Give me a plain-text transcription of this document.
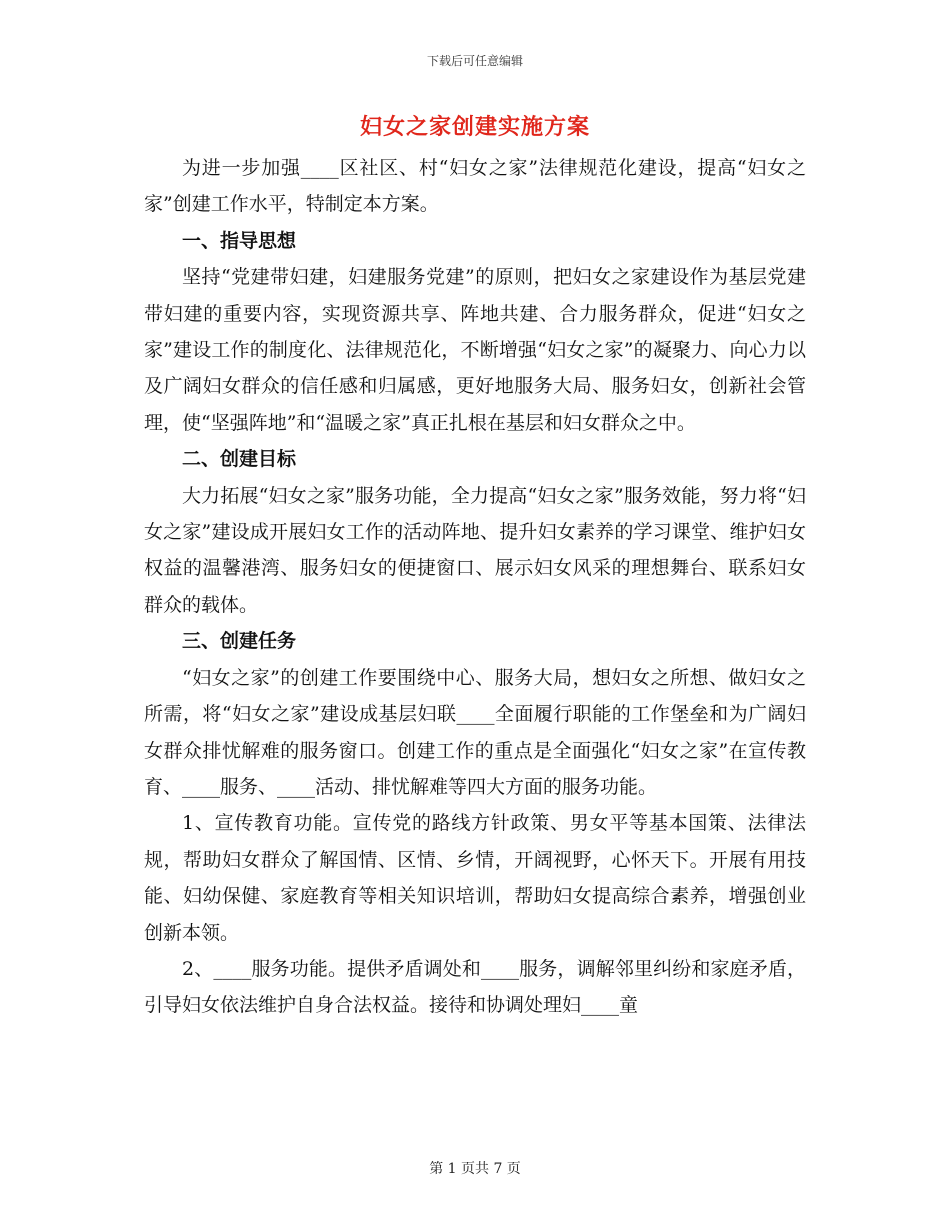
下载后可任意编辑
妇女之家创建实施方案

为进一步加强____区社区、村“妇女之家”法律规范化建设，提高“妇女之家”创建工作水平，特制定本方案。

一、指导思想

坚持“党建带妇建，妇建服务党建”的原则，把妇女之家建设作为基层党建带妇建的重要内容，实现资源共享、阵地共建、合力服务群众，促进“妇女之家”建设工作的制度化、法律规范化，不断增强“妇女之家”的凝聚力、向心力以及广阔妇女群众的信任感和归属感，更好地服务大局、服务妇女，创新社会管理，使“坚强阵地”和“温暖之家”真正扎根在基层和妇女群众之中。

二、创建目标

大力拓展“妇女之家”服务功能，全力提高“妇女之家”服务效能，努力将“妇女之家”建设成开展妇女工作的活动阵地、提升妇女素养的学习课堂、维护妇女权益的温馨港湾、服务妇女的便捷窗口、展示妇女风采的理想舞台、联系妇女群众的载体。

三、创建任务

“妇女之家”的创建工作要围绕中心、服务大局，想妇女之所想、做妇女之所需，将“妇女之家”建设成基层妇联____全面履行职能的工作堡垒和为广阔妇女群众排忧解难的服务窗口。创建工作的重点是全面强化“妇女之家”在宣传教育、____服务、____活动、排忧解难等四大方面的服务功能。

1、宣传教育功能。宣传党的路线方针政策、男女平等基本国策、法律法规，帮助妇女群众了解国情、区情、乡情，开阔视野，心怀天下。开展有用技能、妇幼保健、家庭教育等相关知识培训，帮助妇女提高综合素养，增强创业创新本领。

2、____服务功能。提供矛盾调处和____服务，调解邻里纠纷和家庭矛盾，引导妇女依法维护自身合法权益。接待和协调处理妇____童

第 1 页共 7 页
